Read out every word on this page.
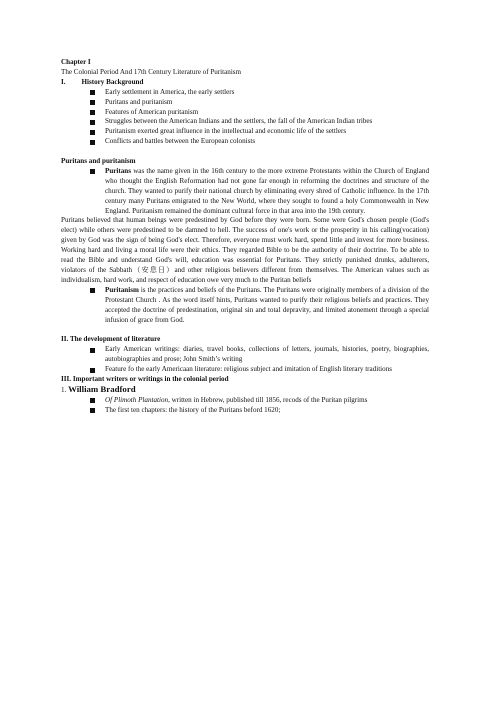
Chapter I
The Colonial Period And 17th Century Literature of Puritanism
I.         History Background
Early settlement in America, the early settlers
Puritans and puritanism
Features of American puritanism
Struggles between the American Indians and the settlers, the fall of the American Indian tribes
Puritanism exerted great influence in the intellectual and economic life of the settlers
Conflicts and battles between the European colonists
Puritans and puritanism
Puritans was the name given in the 16th century to the more extreme Protestants within the Church of England who thought the English Reformation had not gone far enough in reforming the doctrines and structure of the church. They wanted to purify their national church by eliminating every shred of Catholic influence. In the 17th century many Puritans emigrated to the New World, where they sought to found a holy Commonwealth in New England. Puritanism remained the dominant cultural force in that area into the 19th century.
Puritans believed that human beings were predestined by God before they were born. Some were God's chosen people (God's elect) while others were predestined to be damned to hell. The success of one's work or the prosperity in his calling(vocation) given by God was the sign of being God's elect. Therefore, everyone must work hard, spend little and invest for more business. Working hard and living a moral life were their ethics. They regarded Bible to be the authority of their doctrine. To be able to read the Bible and understand God's will, education was essential for Puritans. They strictly punished drunks, adulterers, violators of the Sabbath（安息日）and other religious believers different from themselves. The American values such as individualism, hard work, and respect of education owe very much to the Puritan beliefs
Puritanism is the practices and beliefs of the Puritans. The Puritans were originally members of a division of the Protestant Church . As the word itself hints, Puritans wanted to purify their religious beliefs and practices. They accepted the doctrine of predestination, original sin and total depravity, and limited atonement through a special infusion of grace from God.
II. The development of literature
Early American writings: diaries, travel books, collections of letters, journals, histories, poetry, biographies, autobiographies and prose; John Smith’s writing
Feature fo the early Americaan literature: religious subject and imitation of English literary traditions
III. Important writers or writings in the colonial period
1. William Bradford
Of Plimoth Plantation, written in Hebrew, published till 1856, recods of the Puritan pilgrims
The first ten chapters: the history of the Puritans beford 1620;
